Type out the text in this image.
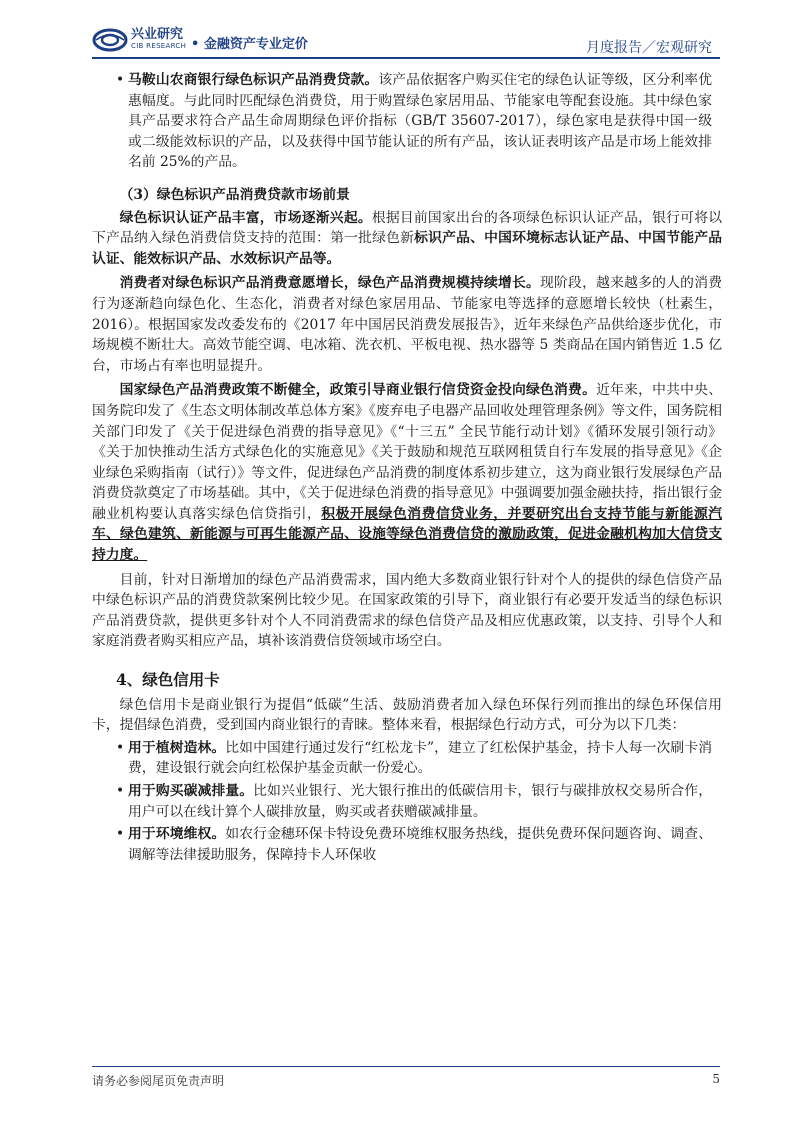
兴业研究
CIB RESEARCH • 金融资产专业定价	月度报告／宏观研究

• 马鞍山农商银行绿色标识产品消费贷款。该产品依据客户购买住宅的绿色认证等级，区分利率优惠幅度。与此同时匹配绿色消费贷，用于购置绿色家居用品、节能家电等配套设施。其中绿色家具产品要求符合产品生命周期绿色评价指标（GB/T 35607-2017），绿色家电是获得中国一级或二级能效标识的产品，以及获得中国节能认证的所有产品，该认证表明该产品是市场上能效排名前 25%的产品。

（3）绿色标识产品消费贷款市场前景

绿色标识认证产品丰富，市场逐渐兴起。根据目前国家出台的各项绿色标识认证产品，银行可将以下产品纳入绿色消费信贷支持的范围：第一批绿色新标识产品、中国环境标志认证产品、中国节能产品认证、能效标识产品、水效标识产品等。

消费者对绿色标识产品消费意愿增长，绿色产品消费规模持续增长。现阶段，越来越多的人的消费行为逐渐趋向绿色化、生态化，消费者对绿色家居用品、节能家电等选择的意愿增长较快（杜素生，2016）。根据国家发改委发布的《2017 年中国居民消费发展报告》，近年来绿色产品供给逐步优化，市场规模不断壮大。高效节能空调、电冰箱、洗衣机、平板电视、热水器等 5 类商品在国内销售近 1.5 亿台，市场占有率也明显提升。

国家绿色产品消费政策不断健全，政策引导商业银行信贷资金投向绿色消费。近年来，中共中央、国务院印发了《生态文明体制改革总体方案》《废弃电子电器产品回收处理管理条例》等文件，国务院相关部门印发了《关于促进绿色消费的指导意见》《“十三五” 全民节能行动计划》《循环发展引领行动》《关于加快推动生活方式绿色化的实施意见》《关于鼓励和规范互联网租赁自行车发展的指导意见》《企业绿色采购指南（试行）》等文件，促进绿色产品消费的制度体系初步建立，这为商业银行发展绿色产品消费贷款奠定了市场基础。其中，《关于促进绿色消费的指导意见》中强调要加强金融扶持，指出银行金融业机构要认真落实绿色信贷指引，积极开展绿色消费信贷业务，并要研究出台支持节能与新能源汽车、绿色建筑、新能源与可再生能源产品、设施等绿色消费信贷的激励政策，促进金融机构加大信贷支持力度。

目前，针对日渐增加的绿色产品消费需求，国内绝大多数商业银行针对个人的提供的绿色信贷产品中绿色标识产品的消费贷款案例比较少见。在国家政策的引导下，商业银行有必要开发适当的绿色标识产品消费贷款，提供更多针对个人不同消费需求的绿色信贷产品及相应优惠政策，以支持、引导个人和家庭消费者购买相应产品，填补该消费信贷领域市场空白。

4、绿色信用卡

绿色信用卡是商业银行为提倡“低碳”生活、鼓励消费者加入绿色环保行列而推出的绿色环保信用卡，提倡绿色消费，受到国内商业银行的青睐。整体来看，根据绿色行动方式，可分为以下几类：

• 用于植树造林。比如中国建行通过发行“红松龙卡”，建立了红松保护基金，持卡人每一次刷卡消费，建设银行就会向红松保护基金贡献一份爱心。

• 用于购买碳减排量。比如兴业银行、光大银行推出的低碳信用卡，银行与碳排放权交易所合作，用户可以在线计算个人碳排放量，购买或者获赠碳减排量。

• 用于环境维权。如农行金穗环保卡特设免费环境维权服务热线，提供免费环保问题咨询、调查、调解等法律援助服务，保障持卡人环保收

请务必参阅尾页免责声明	5
